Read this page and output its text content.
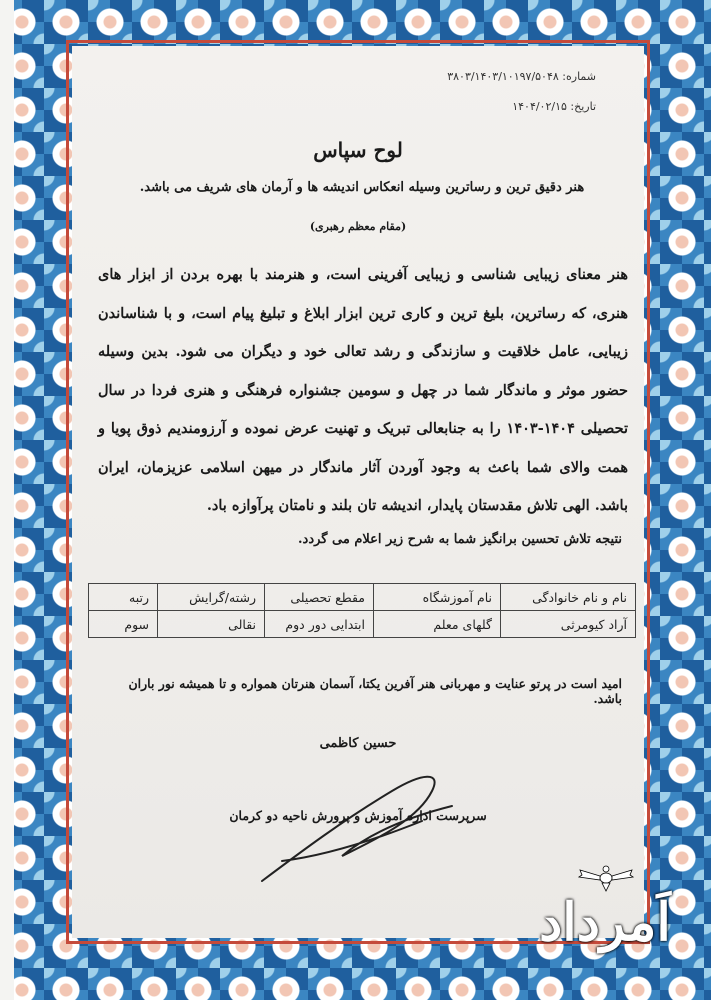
شماره: ۳۸۰۳/۱۴۰۳/۱۰۱۹۷/۵۰۴۸
تاریخ: ۱۴۰۴/۰۲/۱۵
لوح سپاس
هنر دقیق ترین و رساترین وسیله انعکاس اندیشه ها و آرمان های شریف می باشد.
(مقام معظم رهبری)
هنر معنای زیبایی شناسی و زیبایی آفرینی است، و هنرمند با بهره بردن از ابزار های هنری، که رساترین، بلیغ ترین و کاری ترین ابزار ابلاغ و تبلیغ پیام است، و با شناساندن زیبایی، عامل خلاقیت و سازندگی و رشد تعالی خود و دیگران می شود. بدین وسیله حضور موثر و ماندگار شما در چهل و سومین جشنواره فرهنگی و هنری فردا در سال تحصیلی ۱۴۰۴-۱۴۰۳ را به جنابعالی تبریک و تهنیت عرض نموده و آرزومندیم ذوق پویا و همت والای شما باعث به وجود آوردن آثار ماندگار در میهن اسلامی عزیزمان، ایران باشد. الهی تلاش مقدستان پایدار، اندیشه تان بلند و نامتان پرآوازه باد.
نتیجه تلاش تحسین برانگیز شما به شرح زیر اعلام می گردد.
نام و نام خانوادگی	نام آموزشگاه	مقطع تحصیلی	رشته/گرایش	رتبه
آراد کیومرثی	گلهای معلم	ابتدایی دور دوم	نقالی	سوم
امید است در پرتو عنایت و مهربانی هنر آفرین یکتا، آسمان هنرتان همواره و تا همیشه نور باران باشد.
حسین کاظمی
سرپرست اداره آموزش و پرورش ناحیه دو کرمان
اَمرداد
